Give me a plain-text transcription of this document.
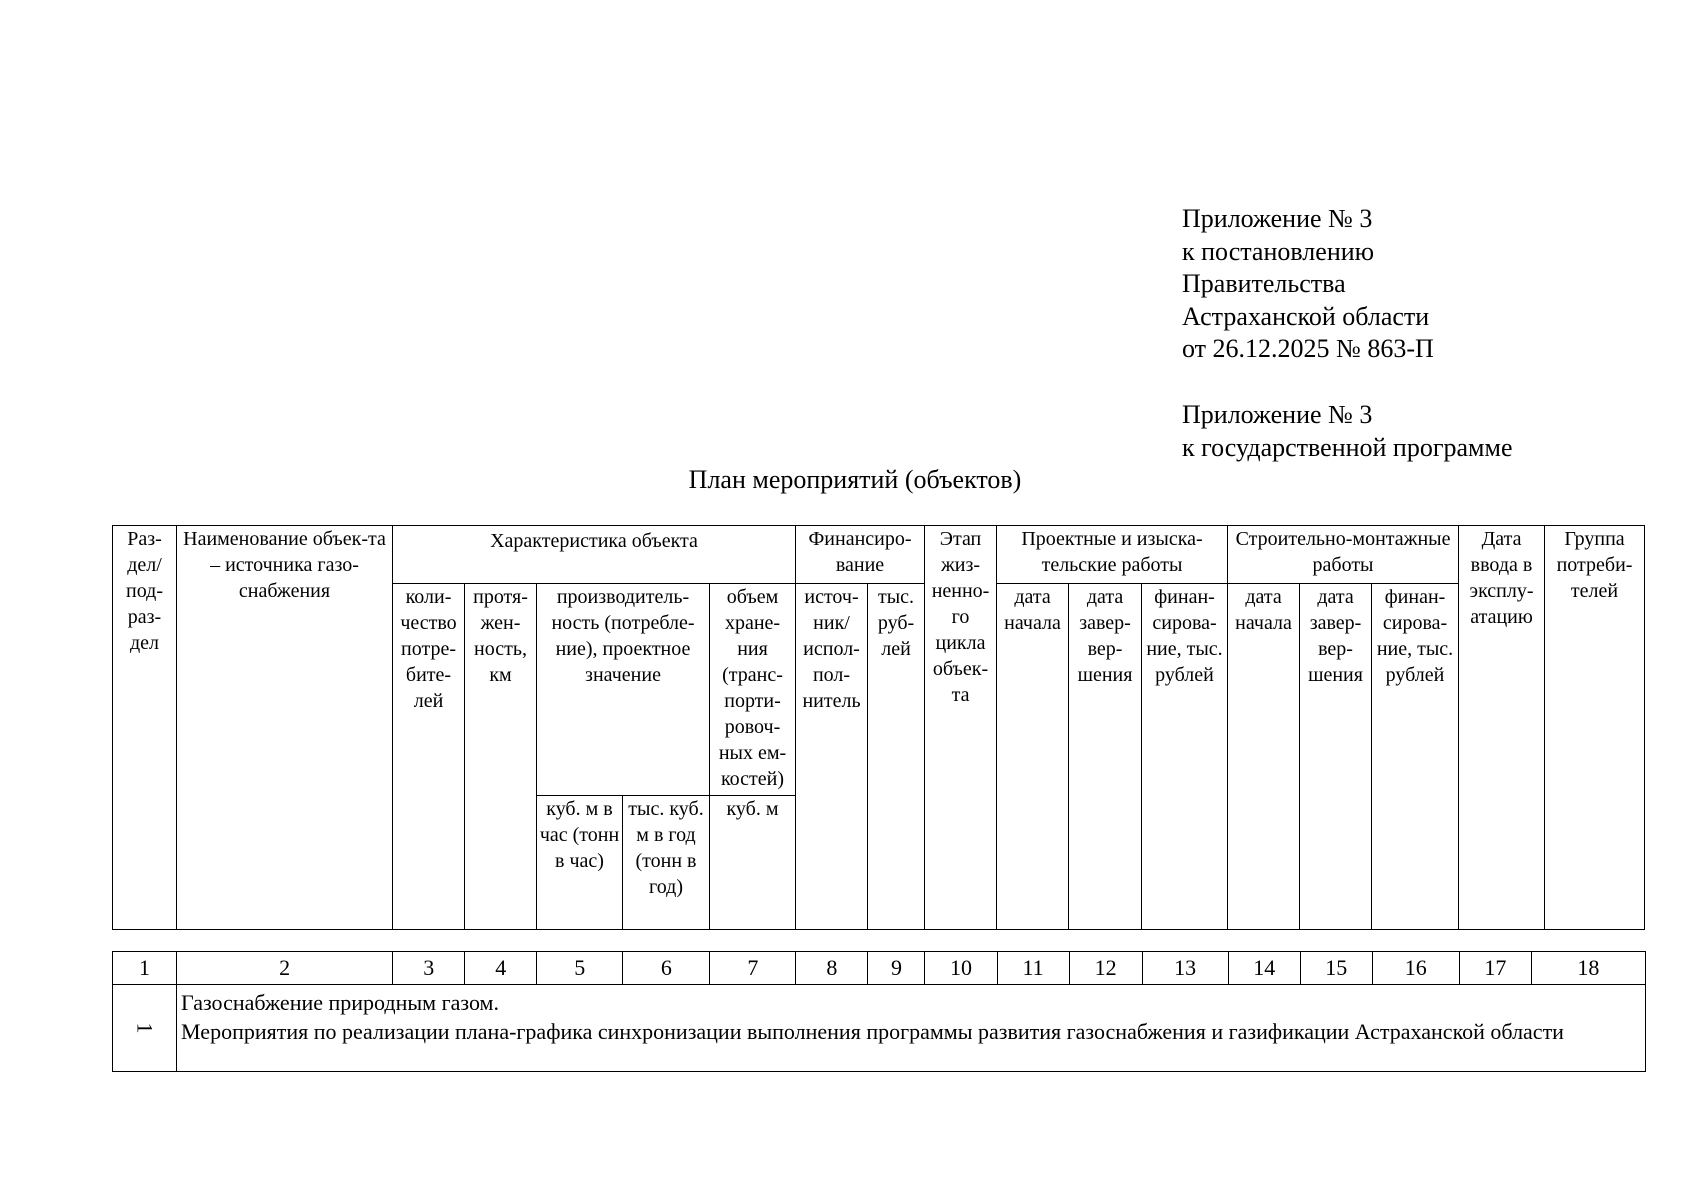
Приложение № 3
к постановлению
Правительства
Астраханской области
от 26.12.2025 № 863-П
Приложение № 3
к государственной программе
План мероприятий (объектов)
Раз-дел/ под-раз-дел	Наименование объек-та – источника газо-снабжения	Характеристика объекта					Финансиро-вание		Этап жиз-ненно-го цикла объек-та	Проектные и изыска-тельские работы			Строительно-монтажные работы			Дата ввода в эксплу-атацию	Группа потреби-телей
		коли-чество потре-бите-лей	протя-жен-ность, км	производитель-ность (потребле-ние), проектное значение		объем хране-ния (транс-порти-ровоч-ных ем-костей)	источ-ник/ испол-пол-нитель	тыс. руб-лей		дата начала	дата завер-вер-шения	финан-сирова-ние, тыс. рублей	дата начала	дата завер-вер-шения	финан-сирова-ние, тыс. рублей		
				куб. м в час (тонн в час)	тыс. куб. м в год (тонн в год)	куб. м											
1	2	3	4	5	6	7	8	9	10	11	12	13	14	15	16	17	18
1	Газоснабжение природным газом.
Мероприятия по реализации плана-графика синхронизации выполнения программы развития газоснабжения и газификации Астраханской области																
